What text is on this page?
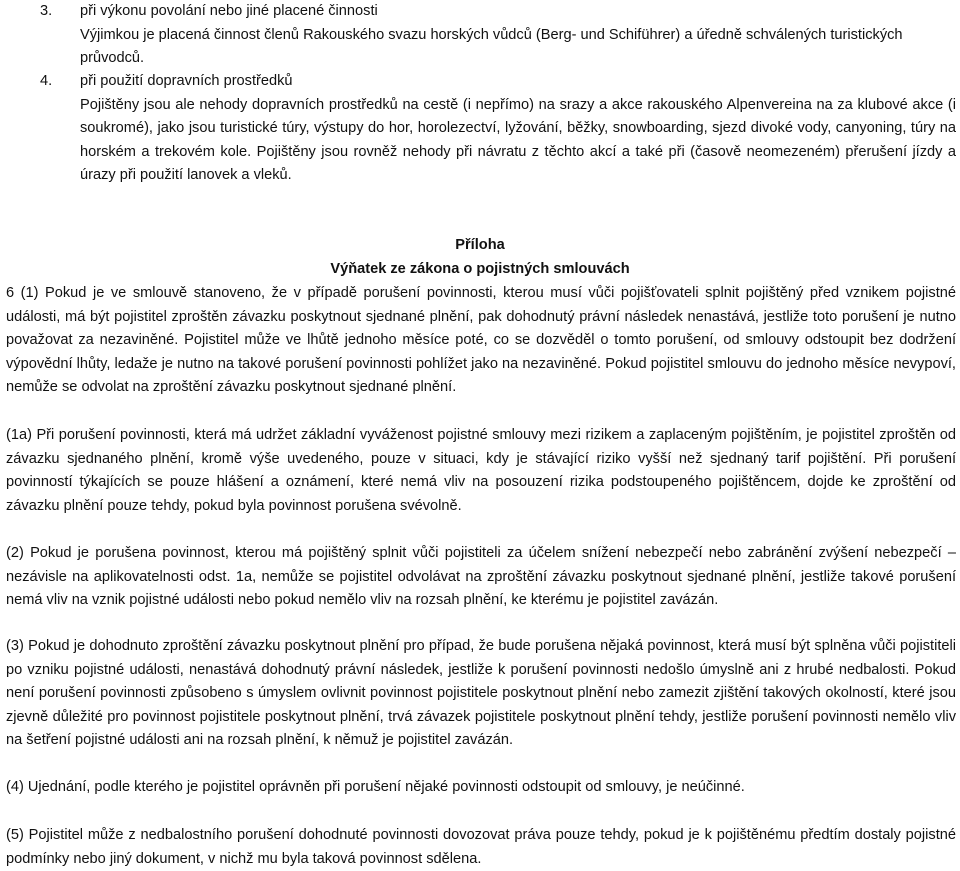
3. při výkonu povolání nebo jiné placené činnosti
Výjimkou je placená činnost členů Rakouského svazu horských vůdců (Berg- und Schiführer) a úředně schválených turistických průvodců.
4. při použití dopravních prostředků
Pojištěny jsou ale nehody dopravních prostředků na cestě (i nepřímo) na srazy a akce rakouského Alpenvereina na za klubové akce (i soukromé), jako jsou turistické túry, výstupy do hor, horolezectví, lyžování, běžky, snowboarding, sjezd divoké vody, canyoning, túry na horském a trekovém kole. Pojištěny jsou rovněž nehody při návratu z těchto akcí a také při (časově neomezeném) přerušení jízdy a úrazy při použití lanovek a vleků.
Příloha
Výňatek ze zákona o pojistných smlouvách
6 (1) Pokud je ve smlouvě stanoveno, že v případě porušení povinnosti, kterou musí vůči pojišťovateli splnit pojištěný před vznikem pojistné události, má být pojistitel zproštěn závazku poskytnout sjednané plnění, pak dohodnutý právní následek nenastává, jestliže toto porušení je nutno považovat za nezaviněné. Pojistitel může ve lhůtě jednoho měsíce poté, co se dozvěděl o tomto porušení, od smlouvy odstoupit bez dodržení výpovědní lhůty, ledaže je nutno na takové porušení povinnosti pohlížet jako na nezaviněné. Pokud pojistitel smlouvu do jednoho měsíce nevypoví, nemůže se odvolat na zproštění závazku poskytnout sjednané plnění.
(1a) Při porušení povinnosti, která má udržet základní vyváženost pojistné smlouvy mezi rizikem a zaplaceným pojištěním, je pojistitel zproštěn od závazku sjednaného plnění, kromě výše uvedeného, pouze v situaci, kdy je stávající riziko vyšší než sjednaný tarif pojištění. Při porušení povinností týkajících se pouze hlášení a oznámení, které nemá vliv na posouzení rizika podstoupeného pojištěncem, dojde ke zproštění od závazku plnění pouze tehdy, pokud byla povinnost porušena svévolně.
(2) Pokud je porušena povinnost, kterou má pojištěný splnit vůči pojistiteli za účelem snížení nebezpečí nebo zabránění zvýšení nebezpečí – nezávisle na aplikovatelnosti odst. 1a, nemůže se pojistitel odvolávat na zproštění závazku poskytnout sjednané plnění, jestliže takové porušení nemá vliv na vznik pojistné události nebo pokud nemělo vliv na rozsah plnění, ke kterému je pojistitel zavázán.
(3) Pokud je dohodnuto zproštění závazku poskytnout plnění pro případ, že bude porušena nějaká povinnost, která musí být splněna vůči pojistiteli po vzniku pojistné události, nenastává dohodnutý právní následek, jestliže k porušení povinnosti nedošlo úmyslně ani z hrubé nedbalosti. Pokud není porušení povinnosti způsobeno s úmyslem ovlivnit povinnost pojistitele poskytnout plnění nebo zamezit zjištění takových okolností, které jsou zjevně důležité pro povinnost pojistitele poskytnout plnění, trvá závazek pojistitele poskytnout plnění tehdy, jestliže porušení povinnosti nemělo vliv na šetření pojistné události ani na rozsah plnění, k němuž je pojistitel zavázán.
(4) Ujednání, podle kterého je pojistitel oprávněn při porušení nějaké povinnosti odstoupit od smlouvy, je neúčinné.
(5) Pojistitel může z nedbalostního porušení dohodnuté povinnosti dovozovat práva pouze tehdy, pokud je k pojištěnému předtím dostaly pojistné podmínky nebo jiný dokument, v nichž mu byla taková povinnost sdělena.
